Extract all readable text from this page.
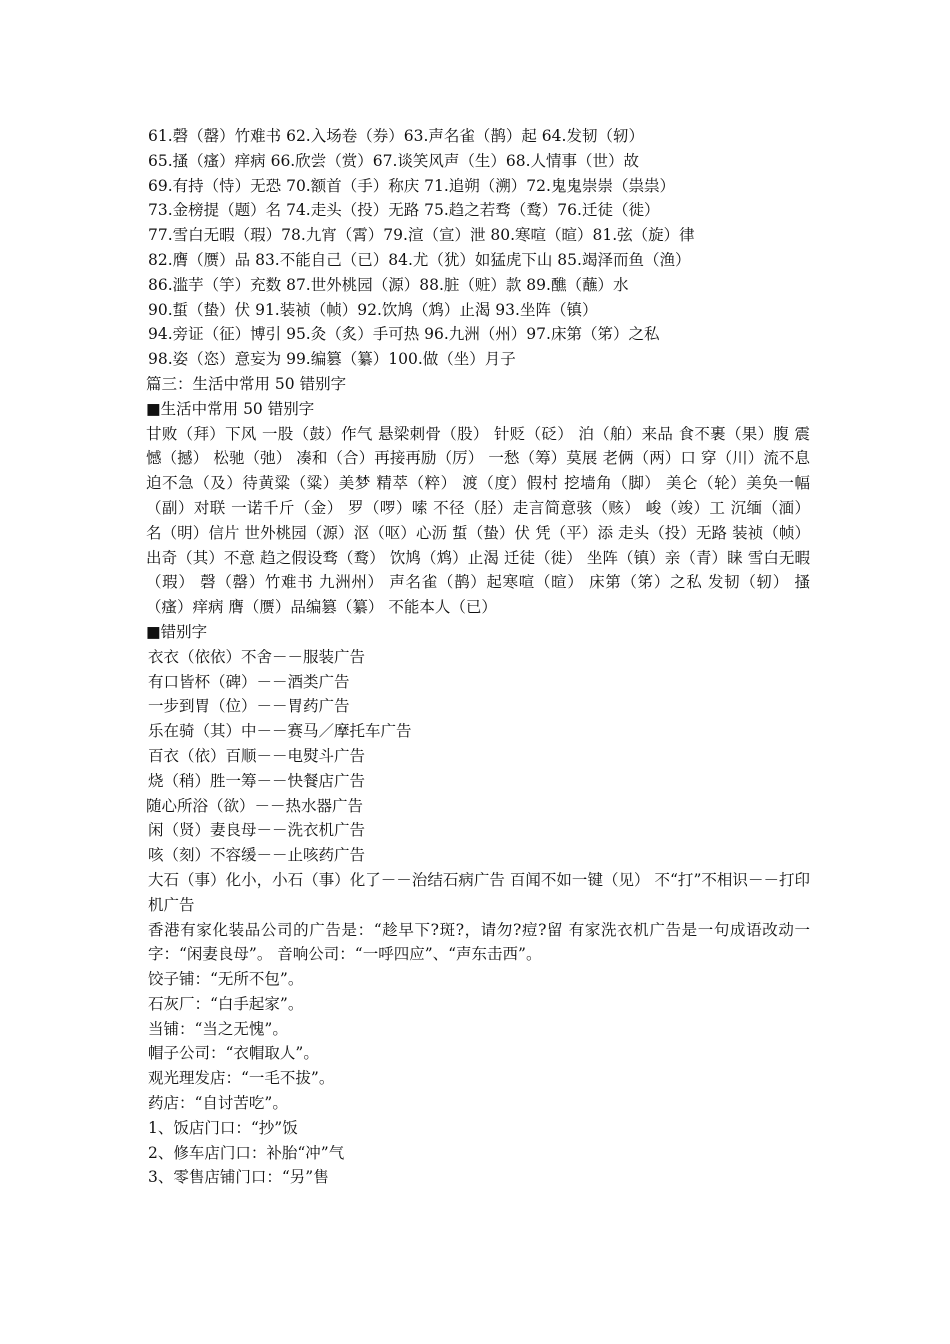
61.磬（罄）竹难书 62.入场卷（券）63.声名雀（鹊）起 64.发韧（轫）
65.搔（瘙）痒病 66.欣尝（赏）67.谈笑风声（生）68.人情事（世）故
69.有持（恃）无恐 70.额首（手）称庆 71.追朔（溯）72.鬼鬼崇崇（祟祟）
73.金榜提（题）名 74.走头（投）无路 75.趋之若骛（鹜）76.迁徒（徙）
77.雪白无暇（瑕）78.九宵（霄）79.渲（宣）泄 80.寒喧（暄）81.弦（旋）律
82.膺（赝）品 83.不能自己（已）84.尤（犹）如猛虎下山 85.竭泽而鱼（渔）
86.滥芋（竽）充数 87.世外桃园（源）88.脏（赃）款 89.醮（蘸）水
90.蜇（蛰）伏 91.装祯（帧）92.饮鸠（鸩）止渴 93.坐阵（镇）
94.旁证（征）博引 95.灸（炙）手可热 96.九洲（州）97.床第（笫）之私
98.姿（恣）意妄为 99.编篡（纂）100.做（坐）月子
篇三：生活中常用 50 错别字
■生活中常用 50 错别字
甘败（拜）下风 一股（鼓）作气 悬梁刺骨（股） 针贬（砭） 泊（舶）来品 食不裹（果）腹 震憾（撼） 松驰（弛） 凑和（合）再接再励（厉） 一愁（筹）莫展 老俩（两）口 穿（川）流不息 迫不急（及）待黄粱（粱）美梦 精萃（粹） 渡（度）假村 挖墙角（脚） 美仑（轮）美奂一幅（副）对联 一诺千斤（金） 罗（啰）嗦 不径（胫）走言简意骇（赅） 峻（竣）工 沉缅（湎） 名（明）信片 世外桃园（源）沤（呕）心沥 蜇（蛰）伏 凭（平）添 走头（投）无路 装祯（帧）出奇（其）不意 趋之假设骛（鹜） 饮鸠（鸩）止渴 迁徒（徙） 坐阵（镇）亲（青）睐 雪白无暇（瑕） 磬（罄）竹难书 九洲州） 声名雀（鹊）起寒喧（暄） 床第（笫）之私 发韧（轫） 搔（瘙）痒病 膺（赝）品编篡（纂） 不能本人（已）
■错别字
衣衣（依依）不舍－－服装广告
有口皆杯（碑）－－酒类广告
一步到胃（位）－－胃药广告
乐在骑（其）中－－赛马／摩托车广告
百衣（依）百顺－－电熨斗广告
烧（稍）胜一筹－－快餐店广告
随心所浴（欲）－－热水器广告
闲（贤）妻良母－－洗衣机广告
咳（刻）不容缓－－止咳药广告
大石（事）化小，小石（事）化了－－治结石病广告 百闻不如一键（见） 不“打”不相识－－打印机广告
香港有家化装品公司的广告是：“趁早下?斑?，请勿?痘?留 有家洗衣机广告是一句成语改动一字：“闲妻良母”。 音响公司：“一呼四应”、“声东击西”。
饺子铺：“无所不包”。
石灰厂：“白手起家”。
当铺：“当之无愧”。
帽子公司：“衣帽取人”。
观光理发店：“一毛不拔”。
药店：“自讨苦吃”。
1、饭店门口：“抄”饭
2、修车店门口：补胎“冲”气
3、零售店铺门口：“另”售
